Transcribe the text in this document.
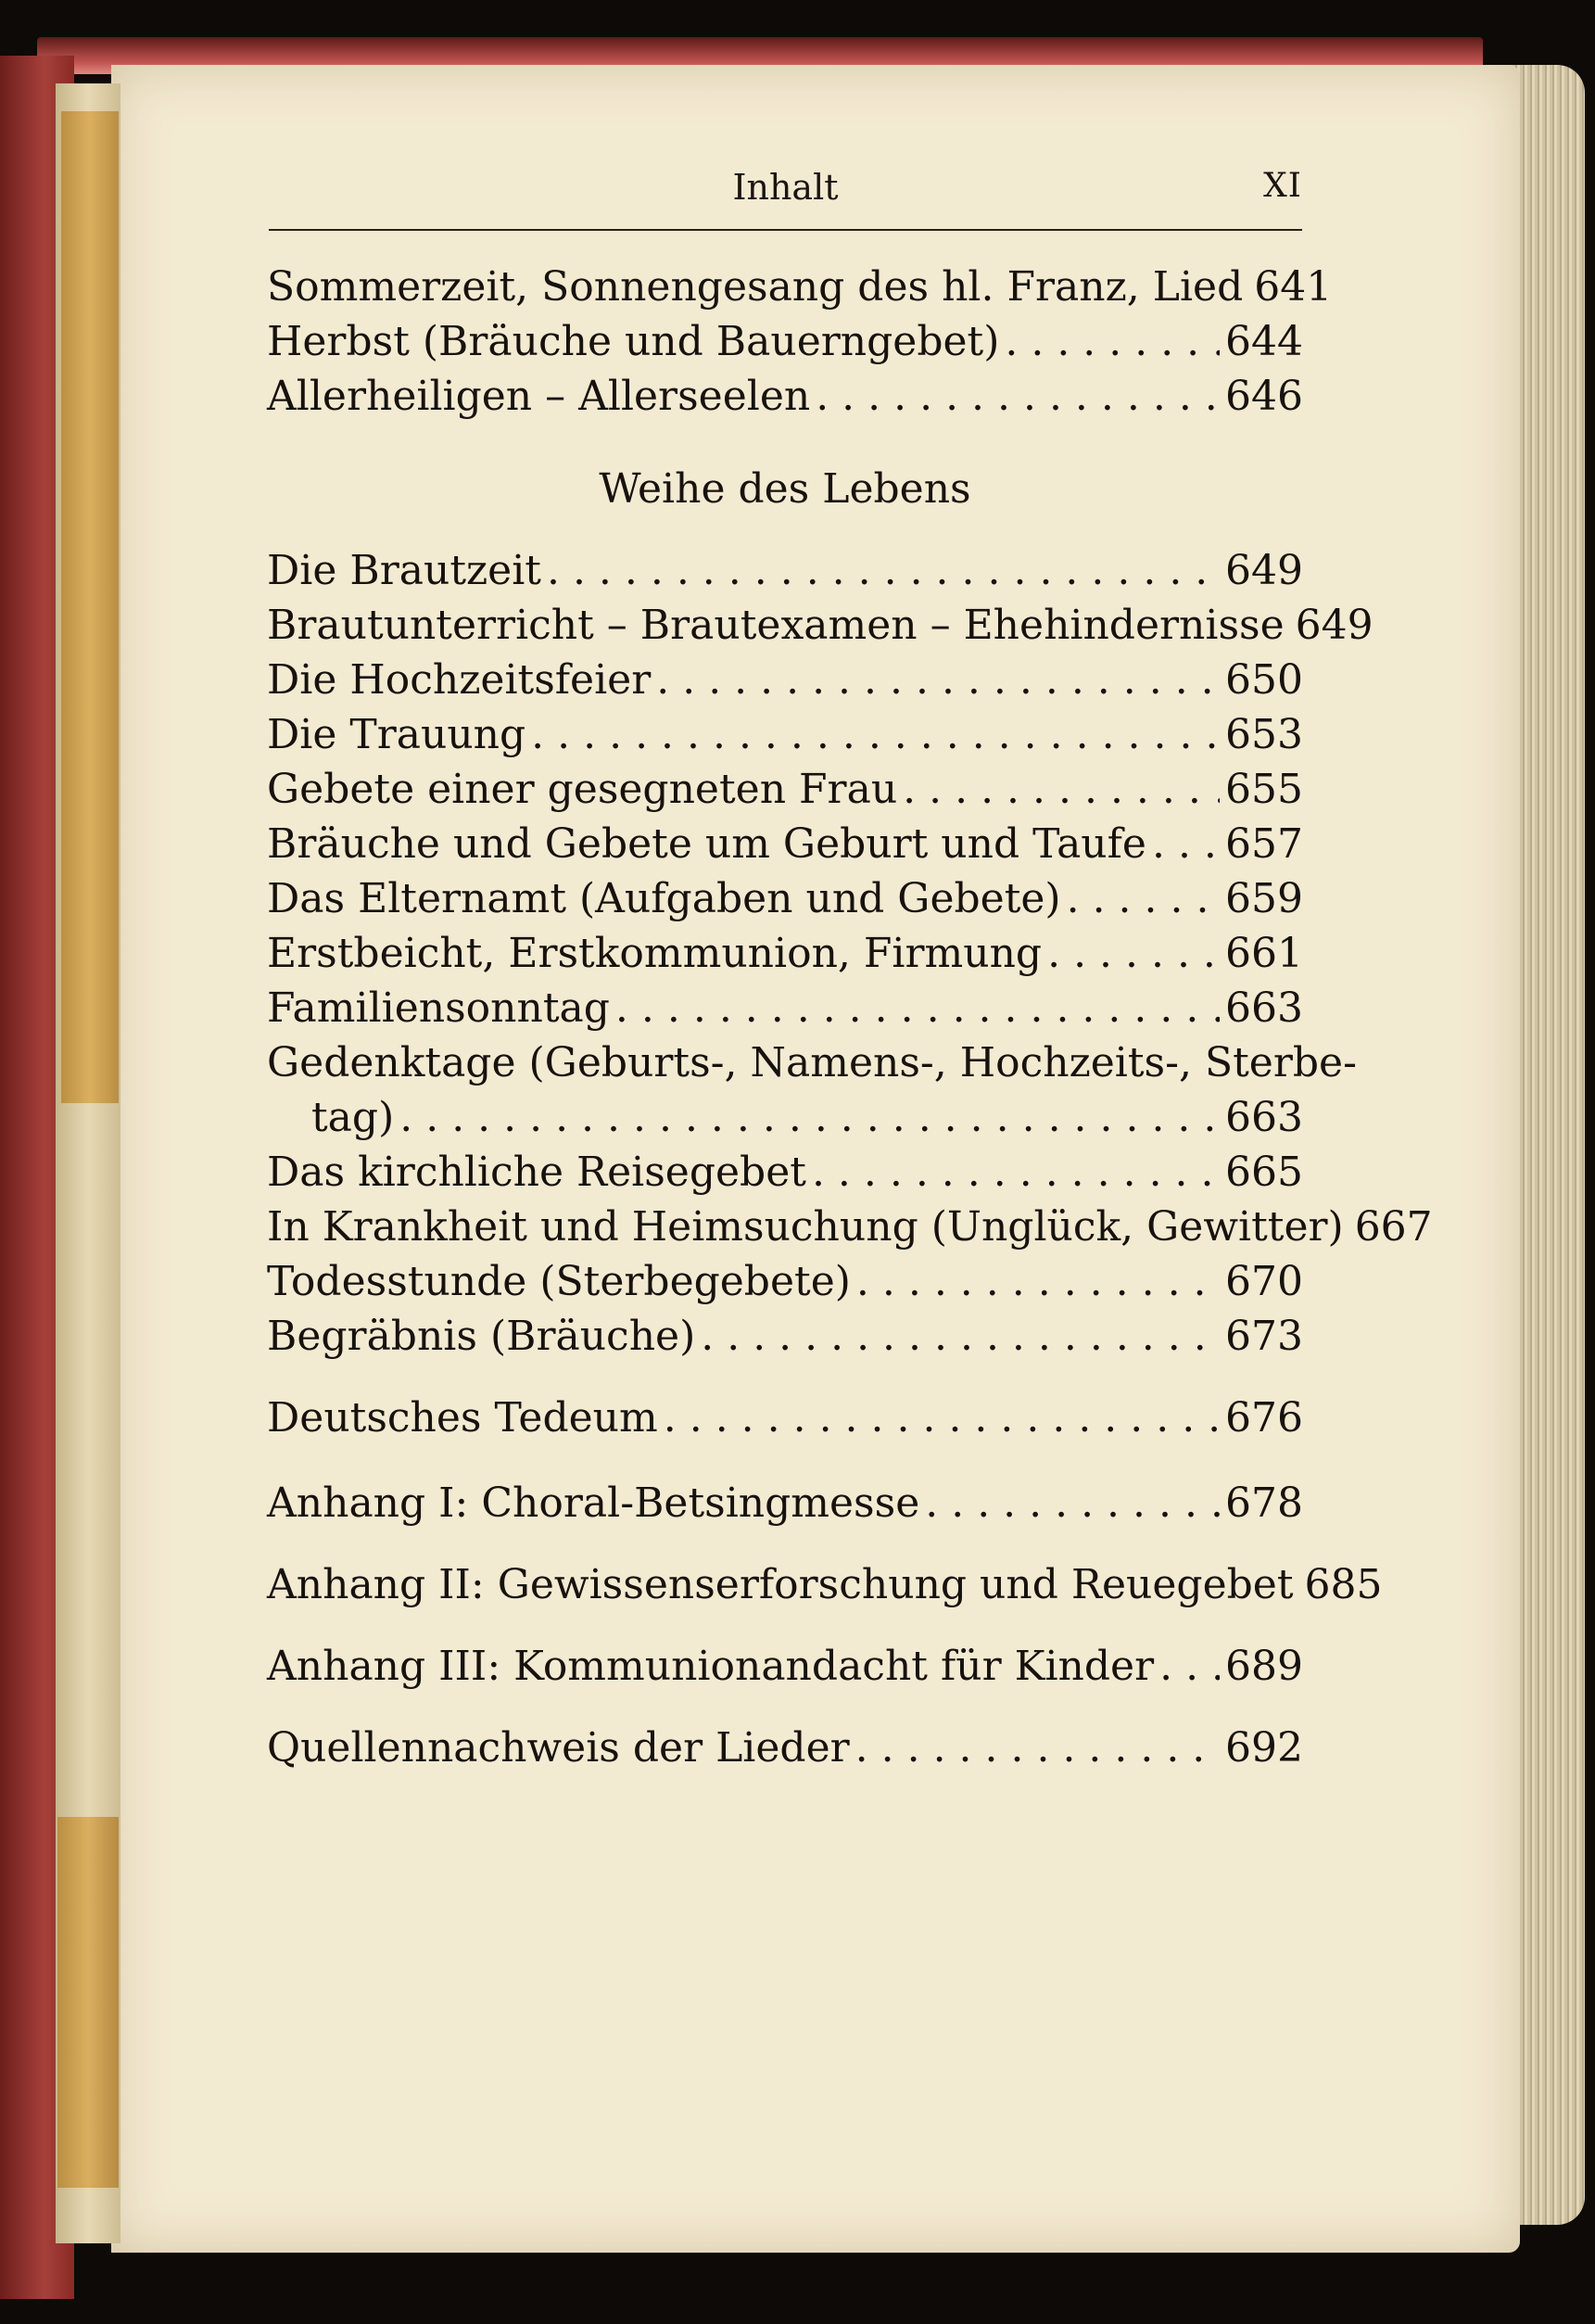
Inhalt	XI
Sommerzeit, Sonnengesang des hl. Franz, Lied 641
Herbst (Bräuche und Bauerngebet) . . .	644
Allerheiligen – Allerseelen . . .	646
Weihe des Lebens
Die Brautzeit . . .	649
Brautunterricht – Brautexamen – Ehehindernisse 649
Die Hochzeitsfeier . . .	650
Die Trauung . . .	653
Gebete einer gesegneten Frau . . .	655
Bräuche und Gebete um Geburt und Taufe . . . 657
Das Elternamt (Aufgaben und Gebete) . . .	659
Erstbeicht, Erstkommunion, Firmung . . .	661
Familiensonntag . . .	663
Gedenktage (Geburts-, Namens-, Hochzeits-, Sterbe-
tag) . . .	663
Das kirchliche Reisegebet . . .	665
In Krankheit und Heimsuchung (Unglück, Gewitter) 667
Todesstunde (Sterbegebete) . . .	670
Begräbnis (Bräuche) . . .	673
Deutsches Tedeum . . .	676
Anhang I: Choral-Betsingmesse . . .	678
Anhang II: Gewissenserforschung und Reuegebet 685
Anhang III: Kommunionandacht für Kinder . . . 689
Quellennachweis der Lieder . . .	692
